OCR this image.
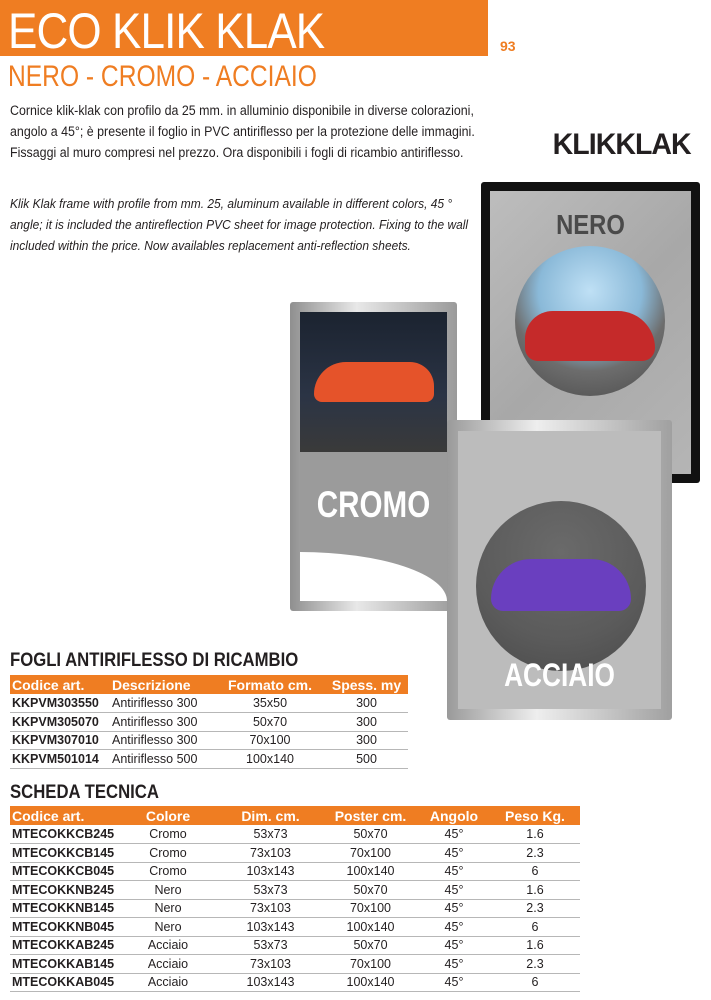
ECO KLIK KLAK	93
NERO - CROMO - ACCIAIO
Cornice klik-klak con profilo da 25 mm. in alluminio disponibile in diverse colorazioni, angolo a 45°; è presente il foglio in PVC antiriflesso per la protezione delle immagini. Fissaggi al muro compresi nel prezzo. Ora disponibili i fogli di ricambio antiriflesso.
Klik Klak frame with profile from mm. 25, aluminum available in different colors, 45 ° angle; it is included the antireflection PVC sheet for image protection. Fixing to the wall included within the price. Now availables replacement anti-reflection sheets.
KLIKKLAK
NERO
CROMO
ACCIAIO
FOGLI ANTIRIFLESSO DI RICAMBIO
Codice art.	Descrizione	Formato cm.	Spess. my
KKPVM303550	Antiriflesso 300	35x50	300
KKPVM305070	Antiriflesso 300	50x70	300
KKPVM307010	Antiriflesso 300	70x100	300
KKPVM501014	Antiriflesso 500	100x140	500
SCHEDA TECNICA
Codice art.	Colore	Dim. cm.	Poster cm.	Angolo	Peso Kg.
MTECOKKCB245	Cromo	53x73	50x70	45°	1.6
MTECOKKCB145	Cromo	73x103	70x100	45°	2.3
MTECOKKCB045	Cromo	103x143	100x140	45°	6
MTECOKKNB245	Nero	53x73	50x70	45°	1.6
MTECOKKNB145	Nero	73x103	70x100	45°	2.3
MTECOKKNB045	Nero	103x143	100x140	45°	6
MTECOKKAB245	Acciaio	53x73	50x70	45°	1.6
MTECOKKAB145	Acciaio	73x103	70x100	45°	2.3
MTECOKKAB045	Acciaio	103x143	100x140	45°	6
